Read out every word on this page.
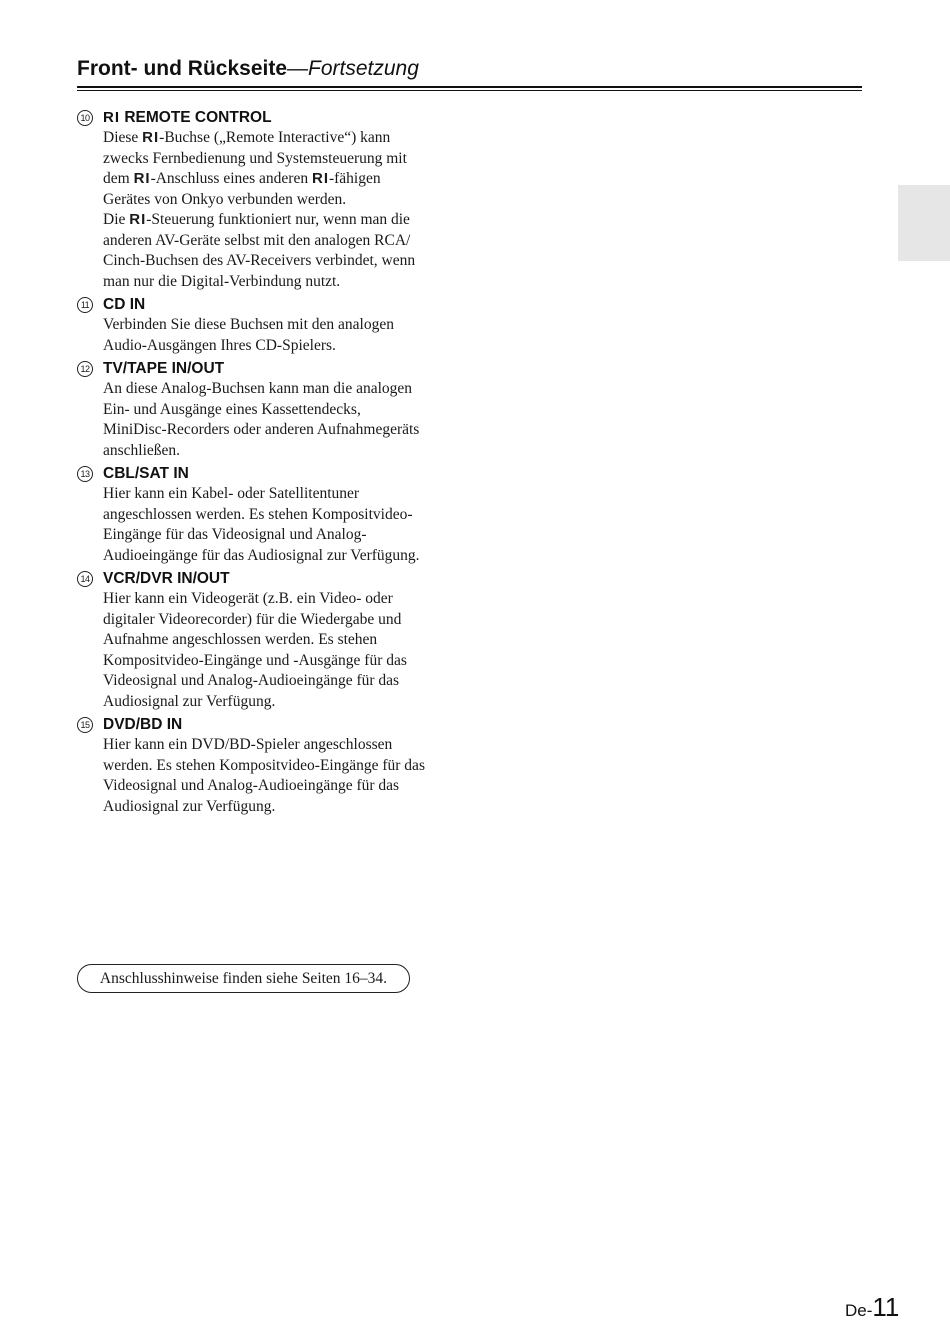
Front- und Rückseite—Fortsetzung
10 RI REMOTE CONTROL

Diese RI-Buchse („Remote Interactive“) kann

zwecks Fernbedienung und Systemsteuerung mit

dem RI-Anschluss eines anderen RI-fähigen

Gerätes von Onkyo verbunden werden.

Die RI-Steuerung funktioniert nur, wenn man die

anderen AV-Geräte selbst mit den analogen RCA/

Cinch-Buchsen des AV-Receivers verbindet, wenn

man nur die Digital-Verbindung nutzt.

11 CD IN

Verbinden Sie diese Buchsen mit den analogen

Audio-Ausgängen Ihres CD-Spielers.

12 TV/TAPE IN/OUT

An diese Analog-Buchsen kann man die analogen

Ein- und Ausgänge eines Kassettendecks,

MiniDisc-Recorders oder anderen Aufnahmegeräts

anschließen.

13 CBL/SAT IN

Hier kann ein Kabel- oder Satellitentuner

angeschlossen werden. Es stehen Kompositvideo-

Eingänge für das Videosignal und Analog-

Audioeingänge für das Audiosignal zur Verfügung.

14 VCR/DVR IN/OUT

Hier kann ein Videogerät (z.B. ein Video- oder

digitaler Videorecorder) für die Wiedergabe und

Aufnahme angeschlossen werden. Es stehen

Kompositvideo-Eingänge und -Ausgänge für das

Videosignal und Analog-Audioeingänge für das

Audiosignal zur Verfügung.

15 DVD/BD IN

Hier kann ein DVD/BD-Spieler angeschlossen

werden. Es stehen Kompositvideo-Eingänge für das

Videosignal und Analog-Audioeingänge für das

Audiosignal zur Verfügung.

Anschlusshinweise finden siehe Seiten 16–34.
De-11
